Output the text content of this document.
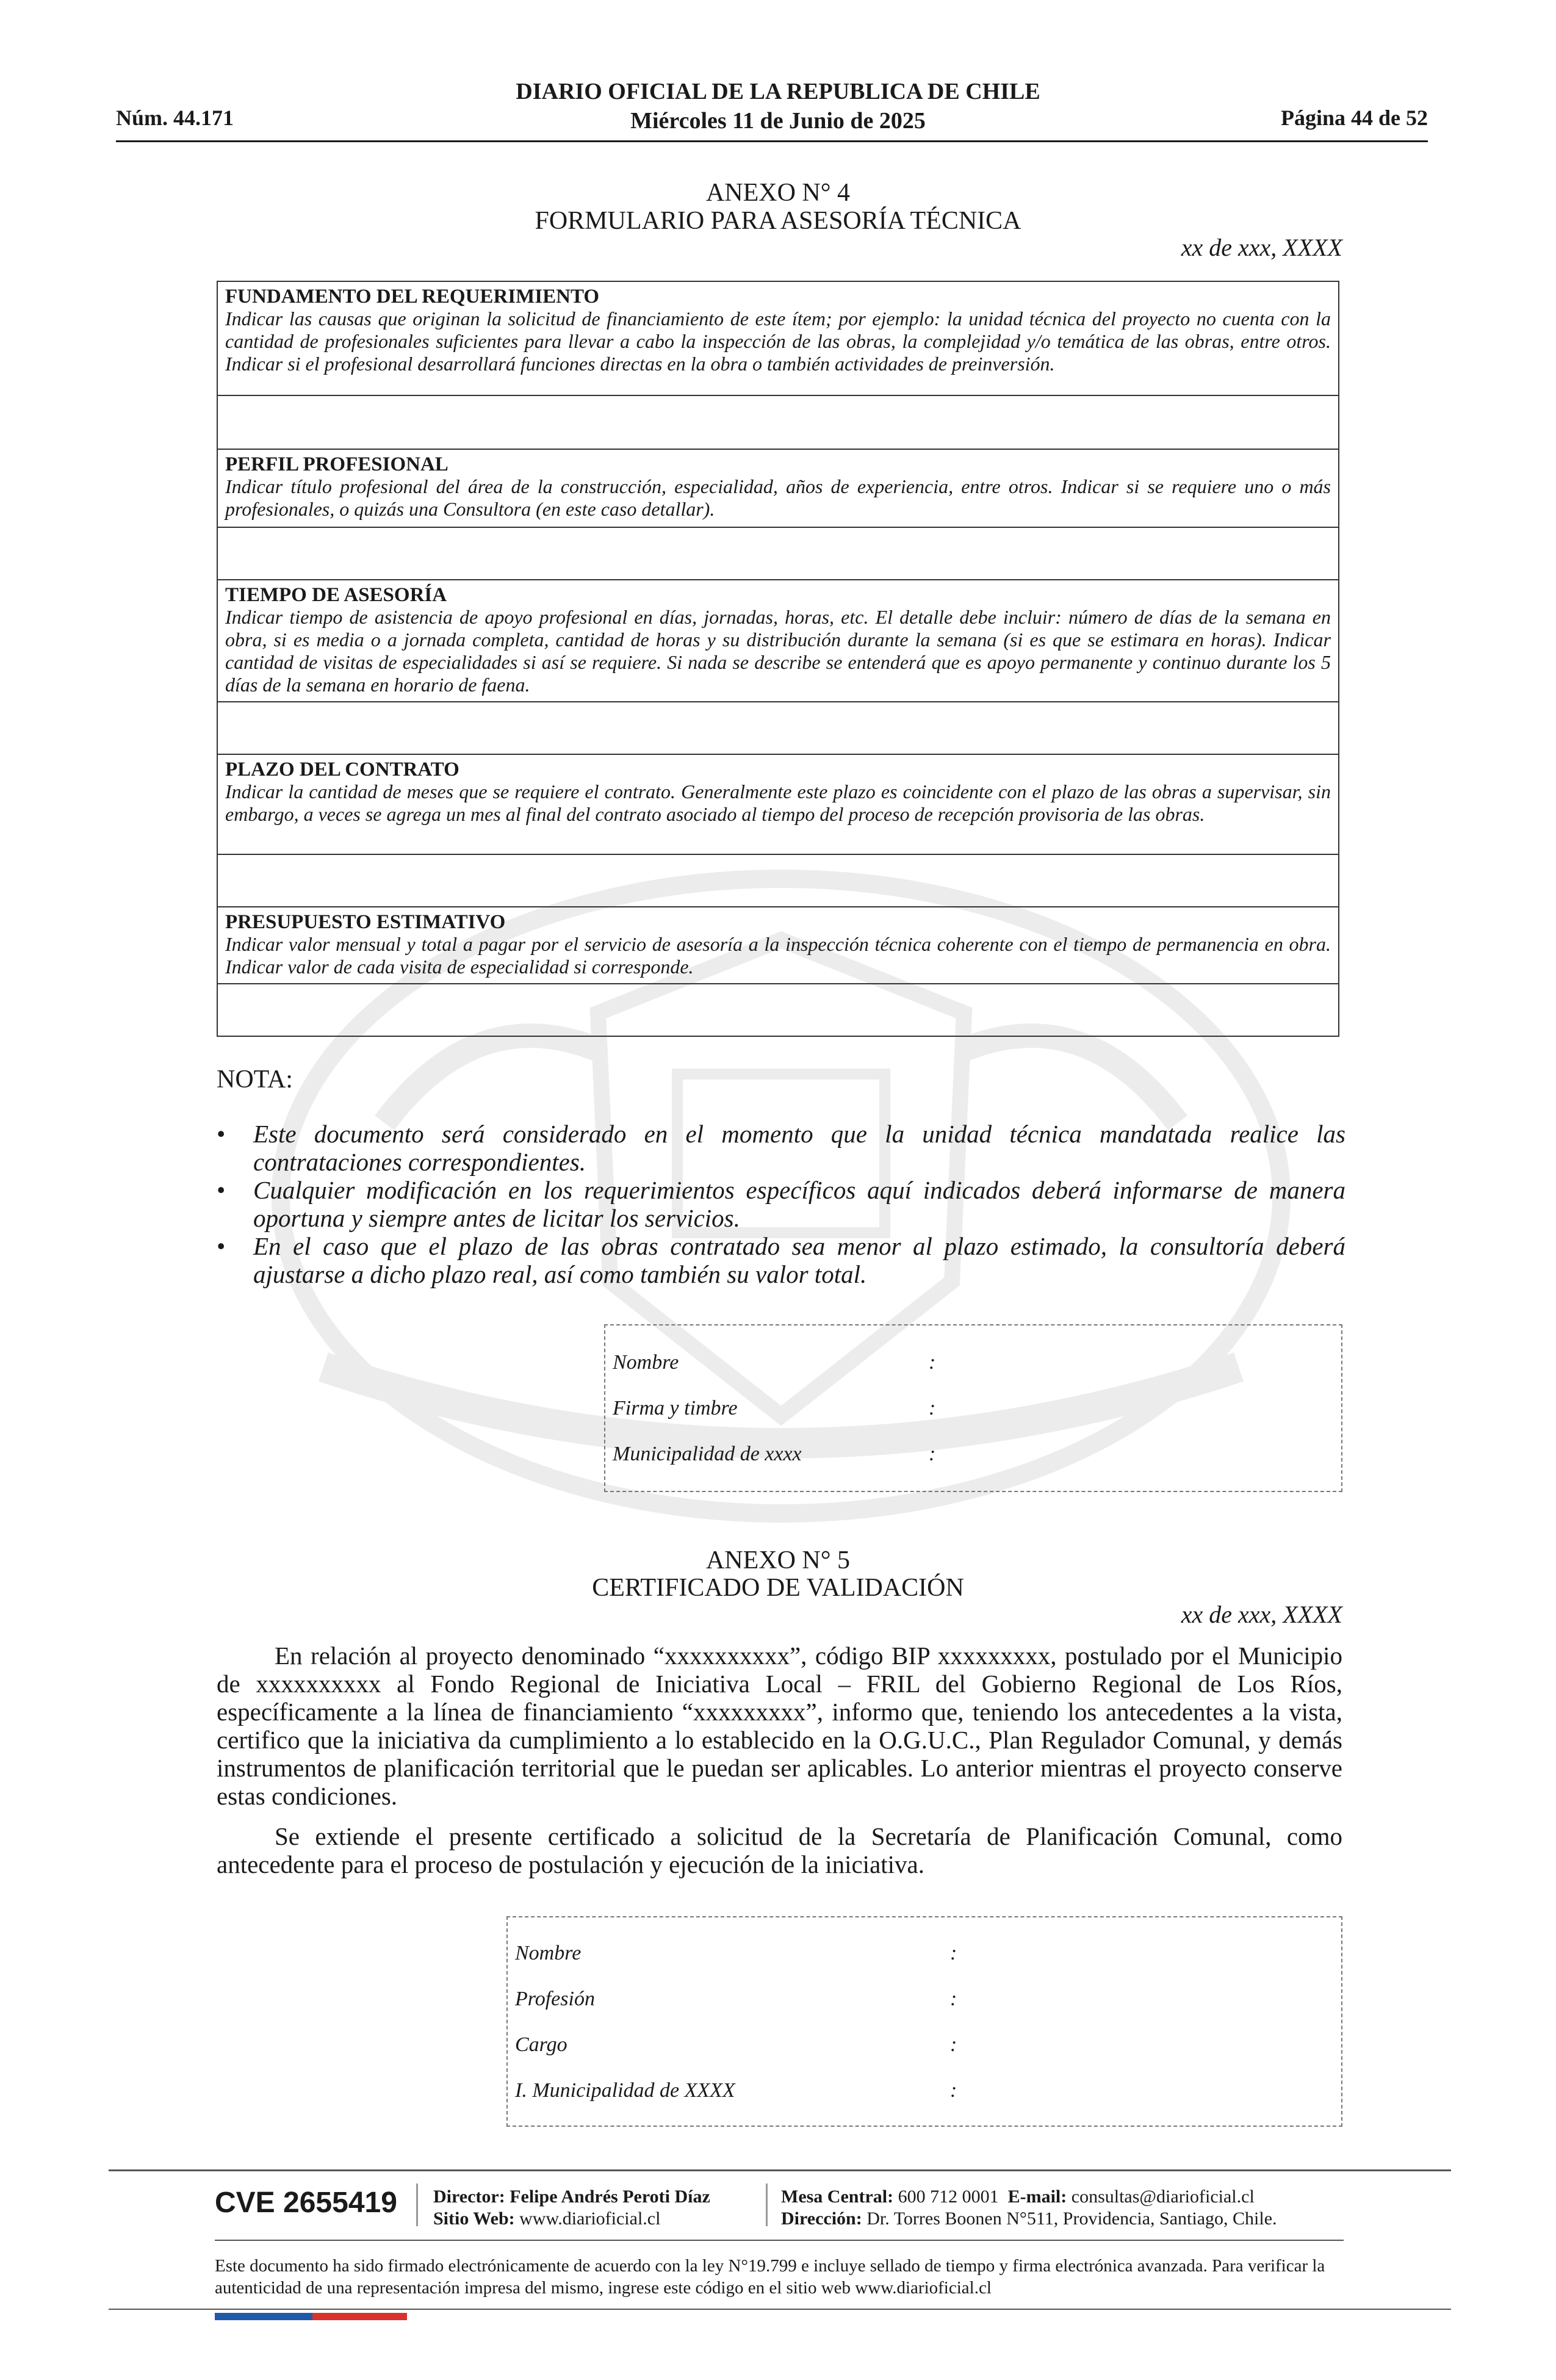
Núm. 44.171
DIARIO OFICIAL DE LA REPUBLICA DE CHILE
Miércoles 11 de Junio de 2025	Página 44 de 52
ANEXO N° 4
FORMULARIO PARA ASESORÍA TÉCNICA
xx de xxx, XXXX
FUNDAMENTO DEL REQUERIMIENTO
Indicar las causas que originan la solicitud de financiamiento de este ítem; por ejemplo: la unidad técnica del proyecto no cuenta con la cantidad de profesionales suficientes para llevar a cabo la inspección de las obras, la complejidad y/o temática de las obras, entre otros. Indicar si el profesional desarrollará funciones directas en la obra o también actividades de preinversión.
PERFIL PROFESIONAL
Indicar título profesional del área de la construcción, especialidad, años de experiencia, entre otros. Indicar si se requiere uno o más profesionales, o quizás una Consultora (en este caso detallar).
TIEMPO DE ASESORÍA
Indicar tiempo de asistencia de apoyo profesional en días, jornadas, horas, etc. El detalle debe incluir: número de días de la semana en obra, si es media o a jornada completa, cantidad de horas y su distribución durante la semana (si es que se estimara en horas). Indicar cantidad de visitas de especialidades si así se requiere. Si nada se describe se entenderá que es apoyo permanente y continuo durante los 5 días de la semana en horario de faena.
PLAZO DEL CONTRATO
Indicar la cantidad de meses que se requiere el contrato. Generalmente este plazo es coincidente con el plazo de las obras a supervisar, sin embargo, a veces se agrega un mes al final del contrato asociado al tiempo del proceso de recepción provisoria de las obras.
PRESUPUESTO ESTIMATIVO
Indicar valor mensual y total a pagar por el servicio de asesoría a la inspección técnica coherente con el tiempo de permanencia en obra. Indicar valor de cada visita de especialidad si corresponde.
NOTA:
• Este documento será considerado en el momento que la unidad técnica mandatada realice las contrataciones correspondientes.
• Cualquier modificación en los requerimientos específicos aquí indicados deberá informarse de manera oportuna y siempre antes de licitar los servicios.
• En el caso que el plazo de las obras contratado sea menor al plazo estimado, la consultoría deberá ajustarse a dicho plazo real, así como también su valor total.
Nombre	:
Firma y timbre	:
Municipalidad de xxxx	:
ANEXO N° 5
CERTIFICADO DE VALIDACIÓN
xx de xxx, XXXX

En relación al proyecto denominado “xxxxxxxxxx”, código BIP xxxxxxxxx, postulado por el Municipio de xxxxxxxxxx al Fondo Regional de Iniciativa Local – FRIL del Gobierno Regional de Los Ríos, específicamente a la línea de financiamiento “xxxxxxxxx”, informo que, teniendo los antecedentes a la vista, certifico que la iniciativa da cumplimiento a lo establecido en la O.G.U.C., Plan Regulador Comunal, y demás instrumentos de planificación territorial que le puedan ser aplicables. Lo anterior mientras el proyecto conserve estas condiciones.

Se extiende el presente certificado a solicitud de la Secretaría de Planificación Comunal, como antecedente para el proceso de postulación y ejecución de la iniciativa.

Nombre	:
Profesión	:
Cargo	:
I. Municipalidad de XXXX	:
CVE 2655419 Director: Felipe Andrés Peroti Díaz
Sitio Web: www.diarioficial.cl
Mesa Central: 600 712 0001 E-mail: consultas@diarioficial.cl
Dirección: Dr. Torres Boonen N°511, Providencia, Santiago, Chile.
Este documento ha sido firmado electrónicamente de acuerdo con la ley N°19.799 e incluye sellado de tiempo y firma electrónica avanzada. Para verificar la autenticidad de una representación impresa del mismo, ingrese este código en el sitio web www.diarioficial.cl
